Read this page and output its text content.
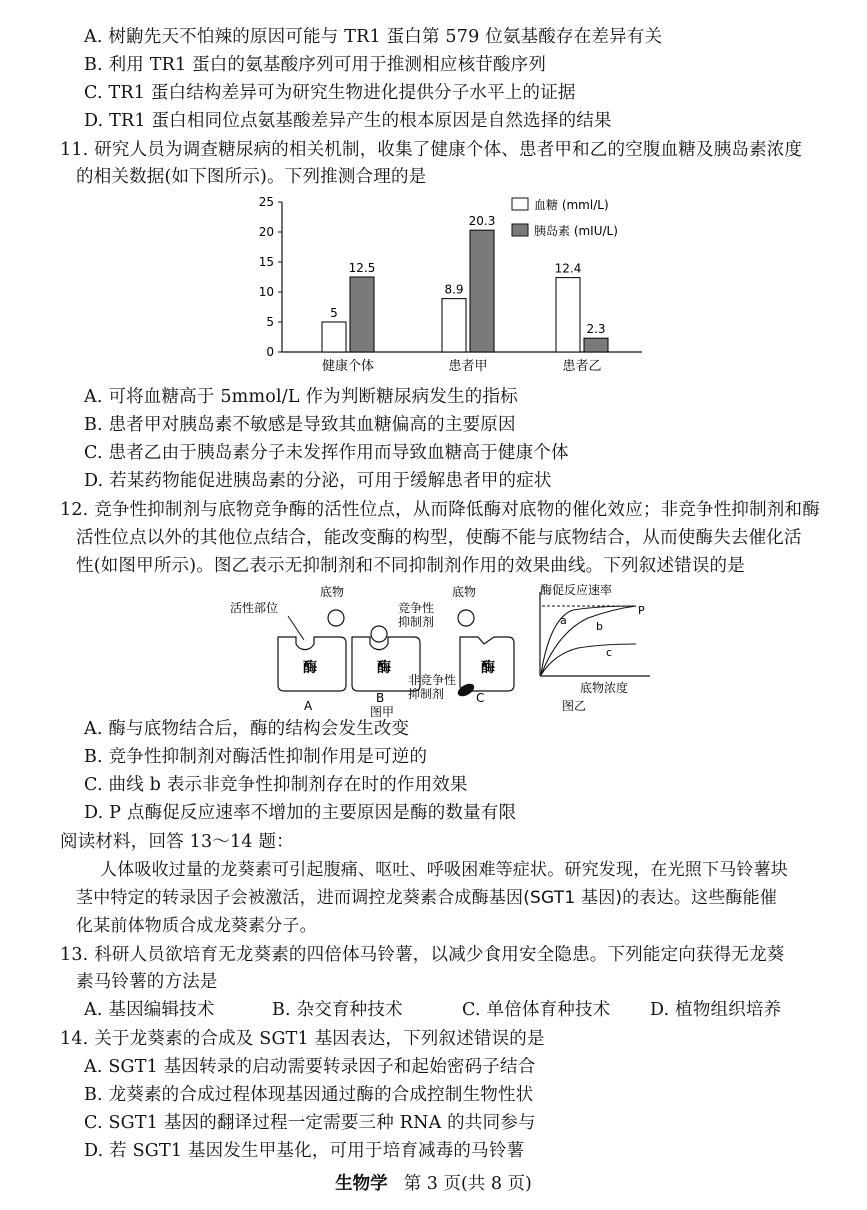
A. 树鼩先天不怕辣的原因可能与 TR1 蛋白第 579 位氨基酸存在差异有关
B. 利用 TR1 蛋白的氨基酸序列可用于推测相应核苷酸序列
C. TR1 蛋白结构差异可为研究生物进化提供分子水平上的证据
D. TR1 蛋白相同位点氨基酸差异产生的根本原因是自然选择的结果
11. 研究人员为调查糖尿病的相关机制，收集了健康个体、患者甲和乙的空腹血糖及胰岛素浓度
的相关数据(如下图所示)。下列推测合理的是
0
5
10
15
20
25
5
12.5
8.9
20.3
12.4
2.3
健康个体	患者甲	患者乙
血糖 (mml/L)
胰岛素 (mIU/L)
A. 可将血糖高于 5mmol/L 作为判断糖尿病发生的指标
B. 患者甲对胰岛素不敏感是导致其血糖偏高的主要原因
C. 患者乙由于胰岛素分子未发挥作用而导致血糖高于健康个体
D. 若某药物能促进胰岛素的分泌，可用于缓解患者甲的症状
12. 竞争性抑制剂与底物竞争酶的活性位点，从而降低酶对底物的催化效应；非竞争性抑制剂和酶
活性位点以外的其他位点结合，能改变酶的构型，使酶不能与底物结合，从而使酶失去催化活
性(如图甲所示)。图乙表示无抑制剂和不同抑制剂作用的效果曲线。下列叙述错误的是
酶
活性部位
A
底物
酶
竞争性
抑制剂
B
图甲
底物
酶
非竞争性
抑制剂	C
酶促反应速率
a	b
c
P
底物浓度
图乙
A. 酶与底物结合后，酶的结构会发生改变
B. 竞争性抑制剂对酶活性抑制作用是可逆的
C. 曲线 b 表示非竞争性抑制剂存在时的作用效果
D. P 点酶促反应速率不增加的主要原因是酶的数量有限
阅读材料，回答 13～14 题：
人体吸收过量的龙葵素可引起腹痛、呕吐、呼吸困难等症状。研究发现，在光照下马铃薯块
茎中特定的转录因子会被激活，进而调控龙葵素合成酶基因(SGT1 基因)的表达。这些酶能催
化某前体物质合成龙葵素分子。
13. 科研人员欲培育无龙葵素的四倍体马铃薯，以减少食用安全隐患。下列能定向获得无龙葵
素马铃薯的方法是
A. 基因编辑技术	B. 杂交育种技术	C. 单倍体育种技术 D. 植物组织培养
14. 关于龙葵素的合成及 SGT1 基因表达，下列叙述错误的是
A. SGT1 基因转录的启动需要转录因子和起始密码子结合
B. 龙葵素的合成过程体现基因通过酶的合成控制生物性状
C. SGT1 基因的翻译过程一定需要三种 RNA 的共同参与
D. 若 SGT1 基因发生甲基化，可用于培育减毒的马铃薯
生物学 第 3 页(共 8 页)
